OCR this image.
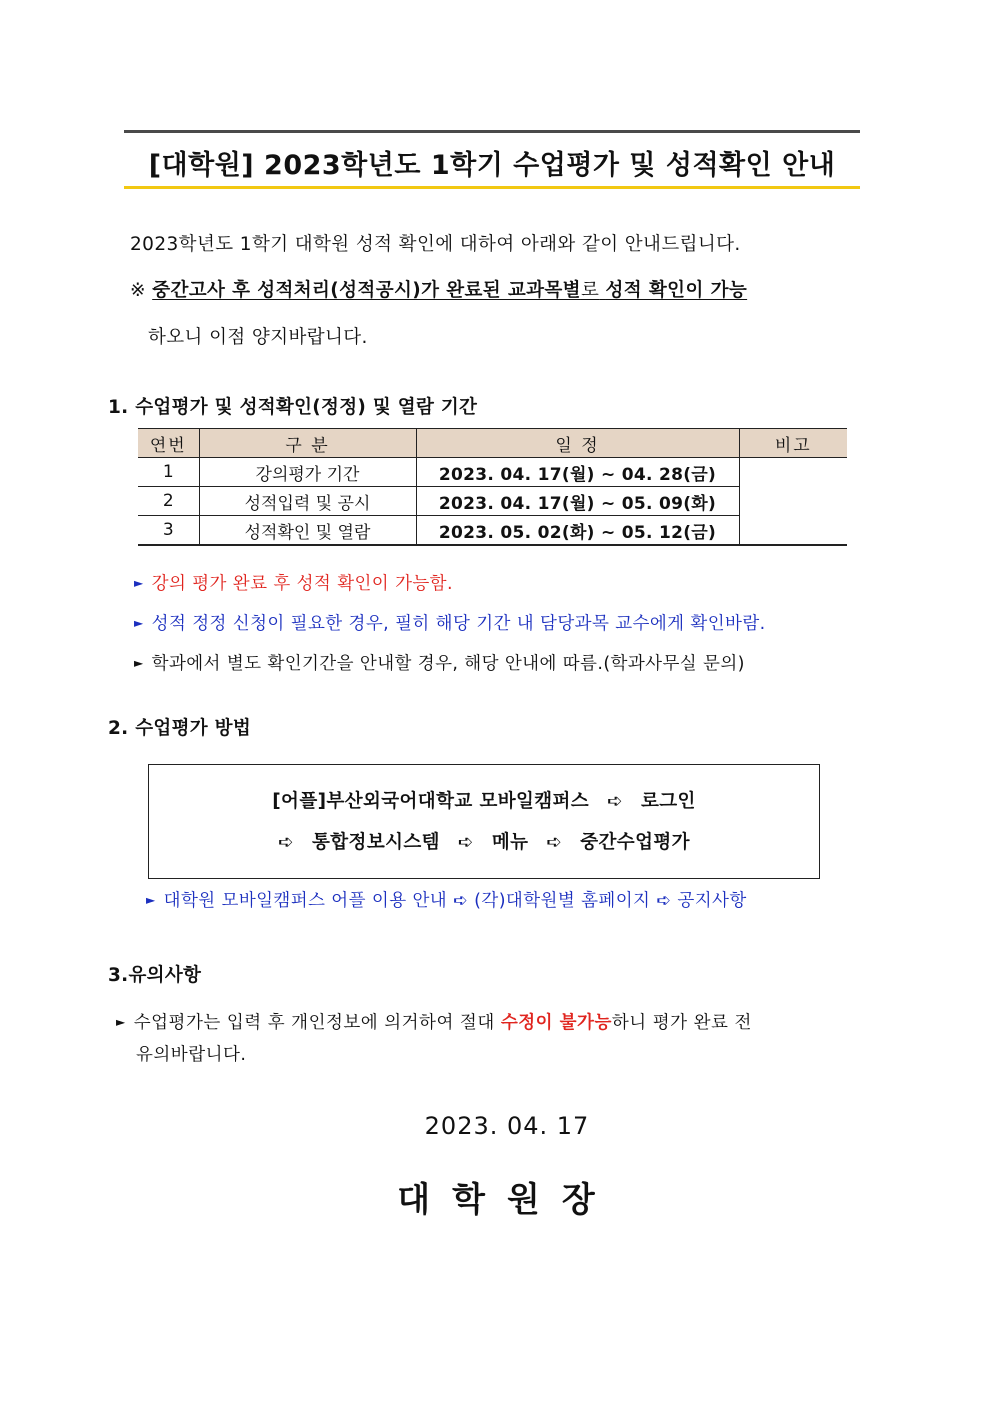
[대학원] 2023학년도 1학기 수업평가 및 성적확인 안내
2023학년도 1학기 대학원 성적 확인에 대하여 아래와 같이 안내드립니다.
※ 중간고사 후 성적처리(성적공시)가 완료된 교과목별로 성적 확인이 가능
하오니 이점 양지바랍니다.
1. 수업평가 및 성적확인(정정) 및 열람 기간
연번	구 분	일 정	비고
1	강의평가 기간	2023. 04. 17(월) ~ 04. 28(금)	
2	성적입력 및 공시	2023. 04. 17(월) ~ 05. 09(화)	
3	성적확인 및 열람	2023. 05. 02(화) ~ 05. 12(금)	
► 강의 평가 완료 후 성적 확인이 가능함.
► 성적 정정 신청이 필요한 경우, 필히 해당 기간 내 담당과목 교수에게 확인바람.
► 학과에서 별도 확인기간을 안내할 경우, 해당 안내에 따름.(학과사무실 문의)
2. 수업평가 방법
[어플]부산외국어대학교 모바일캠퍼스 ➪ 로그인
➪ 통합정보시스템 ➪ 메뉴 ➪ 중간수업평가
► 대학원 모바일캠퍼스 어플 이용 안내 ➪ (각)대학원별 홈페이지 ➪ 공지사항
3.유의사항
► 수업평가는 입력 후 개인정보에 의거하여 절대 수정이 불가능하니 평가 완료 전
유의바랍니다.
2023. 04. 17
대학원장
